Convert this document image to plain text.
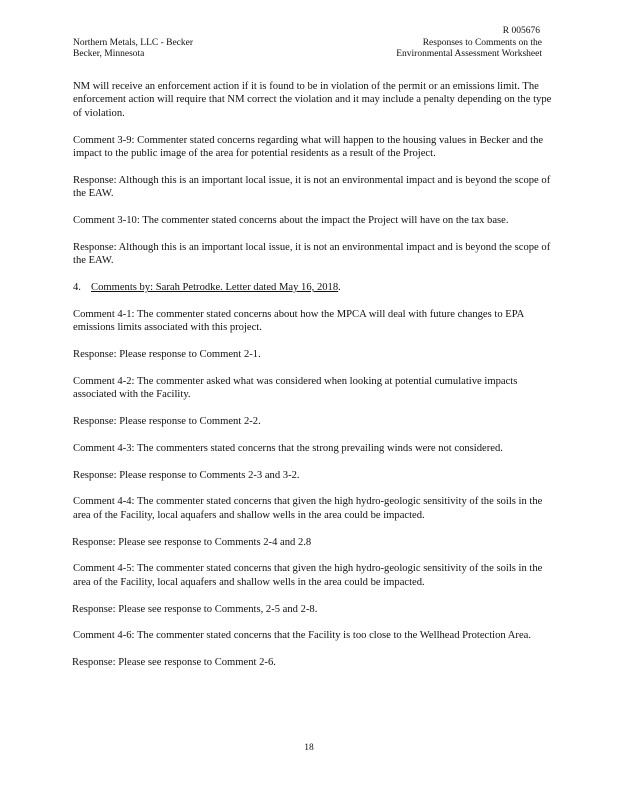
Northern Metals, LLC - Becker
Becker, Minnesota
R 005676
Responses to Comments on the
Environmental Assessment Worksheet

NM will receive an enforcement action if it is found to be in violation of the permit or an emissions limit. The enforcement action will require that NM correct the violation and it may include a penalty depending on the type of violation.

Comment 3-9: Commenter stated concerns regarding what will happen to the housing values in Becker and the impact to the public image of the area for potential residents as a result of the Project.

Response: Although this is an important local issue, it is not an environmental impact and is beyond the scope of the EAW.

Comment 3-10: The commenter stated concerns about the impact the Project will have on the tax base.

Response: Although this is an important local issue, it is not an environmental impact and is beyond the scope of the EAW.

4. Comments by: Sarah Petrodke. Letter dated May 16, 2018.

Comment 4-1: The commenter stated concerns about how the MPCA will deal with future changes to EPA emissions limits associated with this project.

Response: Please response to Comment 2-1.

Comment 4-2: The commenter asked what was considered when looking at potential cumulative impacts associated with the Facility.

Response: Please response to Comment 2-2.

Comment 4-3: The commenters stated concerns that the strong prevailing winds were not considered.

Response: Please response to Comments 2-3 and 3-2.

Comment 4-4: The commenter stated concerns that given the high hydro-geologic sensitivity of the soils in the area of the Facility, local aquafers and shallow wells in the area could be impacted.

Response: Please see response to Comments 2-4 and 2.8

Comment 4-5: The commenter stated concerns that given the high hydro-geologic sensitivity of the soils in the area of the Facility, local aquafers and shallow wells in the area could be impacted.

Response: Please see response to Comments, 2-5 and 2-8.

Comment 4-6: The commenter stated concerns that the Facility is too close to the Wellhead Protection Area.

Response: Please see response to Comment 2-6.

18
